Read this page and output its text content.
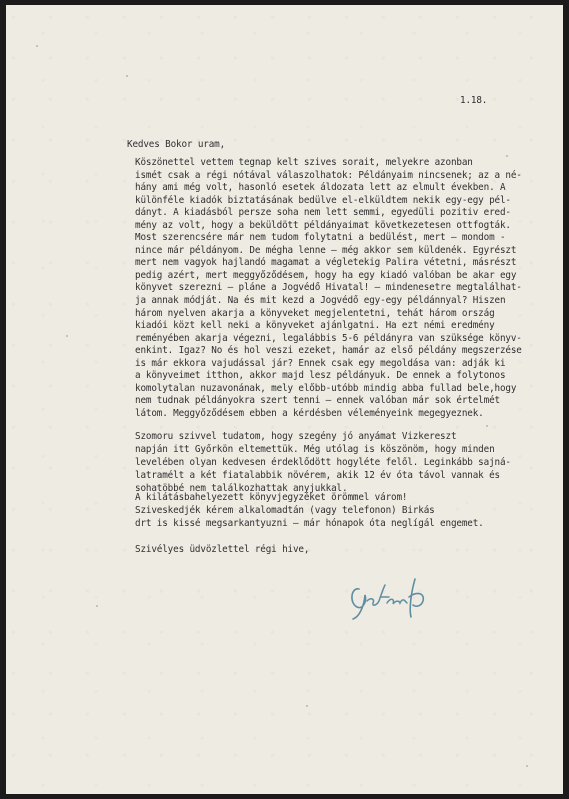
1.18.
Kedves Bokor uram,
Köszönettel vettem tegnap kelt szives sorait, melyekre azonban
ismét csak a régi nótával válaszolhatok: Példányaim nincsenek; az a né-
hány ami még volt, hasonló esetek áldozata lett az elmult években. A
különféle kiadók biztatásának bedülve el-elküldtem nekik egy-egy pél-
dányt. A kiadásból persze soha nem lett semmi, egyedüli pozitiv ered-
mény az volt, hogy a beküldött példányaimat következetesen ottfogták.
Most szerencsére már nem tudom folytatni a bedülést, mert – mondom -
nince már példányom. De mégha lenne – még akkor sem küldenék. Egyrészt
mert nem vagyok hajlandó magamat a végletekig Palira vétetni, másrészt
pedig azért, mert meggyőződésem, hogy ha egy kiadó valóban be akar egy
könyvet szerezni – pláne a Jogvédő Hivatal! – mindenesetre megtalálhat-
ja annak módját. Na és mit kezd a Jogvédő egy-egy példánnyal? Hiszen
három nyelven akarja a könyveket megjelentetni, tehát három ország
kiadói közt kell neki a könyveket ajánlgatni. Ha ezt némi eredmény
reményében akarja végezni, legalábbis 5-6 példányra van szüksége könyv-
enkint. Igaz? No és hol veszi ezeket, hamár az első példány megszerzése
is már ekkora vajudással jár? Ennek csak egy megoldása van: adják ki
a könyveimet itthon, akkor majd lesz példányuk. De ennek a folytonos
komolytalan nuzavonának, mely előbb-utóbb mindig abba fullad bele,hogy
nem tudnak példányokra szert tenni – ennek valóban már sok értelmét
látom. Meggyőződésem ebben a kérdésben véleményeink megegyeznek.
Szomoru szivvel tudatom, hogy szegény jó anyámat Vizkereszt
napján itt Győrkön eltemettük. Még utólag is köszönöm, hogy minden
levelében olyan kedvesen érdeklődött hogyléte felől. Leginkább sajná-
latramélt a két fiatalabbik növérem, akik 12 év óta távol vannak és
sohatöbbé nem találkozhattak anyjukkal.
A kilátásbahelyezett könyvjegyzéket örömmel várom!
Sziveskedjék kérem alkalomadtán (vagy telefonon) Birkás
drt is kissé megsarkantyuzni – már hónapok óta neglígál engemet.
Szivélyes üdvözlettel régi hive,
